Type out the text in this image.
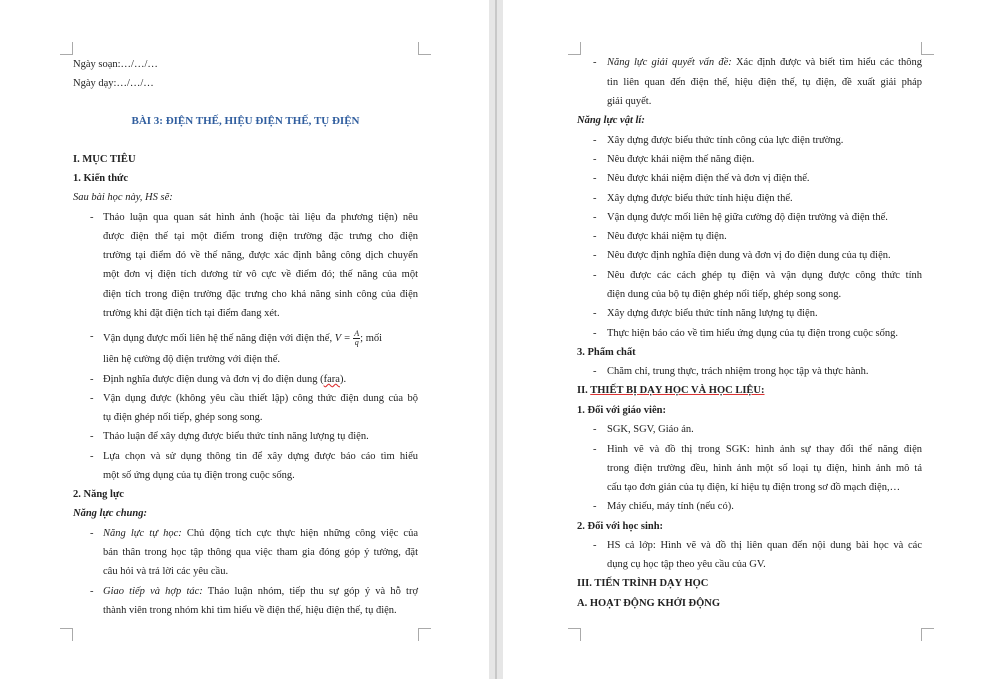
Ngày soạn:…/…/…
Ngày dạy:…/…/…
BÀI 3: ĐIỆN THẾ, HIỆU ĐIỆN THẾ, TỤ ĐIỆN
I. MỤC TIÊU
1. Kiến thức
Sau bài học này, HS sẽ:
- Thảo luận qua quan sát hình ảnh (hoặc tài liệu đa phương tiện) nêu
được điện thế tại một điểm trong điện trường đặc trưng cho điện
trường tại điểm đó về thế năng, được xác định bằng công dịch chuyển
một đơn vị điện tích dương từ vô cực về điểm đó; thế năng của một
điện tích trong điện trường đặc trưng cho khả năng sinh công của điện
trường khi đặt điện tích tại điểm đang xét.
- Vận dụng được mối liên hệ thế năng điện với điện thế, $V = \frac{A}{q}$ ; mối
liên hệ cường độ điện trường với điện thế.
- Định nghĩa được điện dung và đơn vị đo điện dung (fara).
- Vận dụng được (không yêu cầu thiết lập) công thức điện dung của bộ
tụ điện ghép nối tiếp, ghép song song.
- Thảo luận để xây dựng được biểu thức tính năng lượng tụ điện.
- Lựa chọn và sử dụng thông tin để xây dựng được báo cáo tìm hiểu
một số ứng dụng của tụ điện trong cuộc sống.
2. Năng lực
Năng lực chung:
- Năng lực tự học: Chủ động tích cực thực hiện những công việc của
bản thân trong học tập thông qua việc tham gia đóng góp ý tưởng, đặt
câu hỏi và trả lời các yêu cầu.
- Giao tiếp và hợp tác: Thảo luận nhóm, tiếp thu sự góp ý và hỗ trợ
thành viên trong nhóm khi tìm hiểu về điện thế, hiệu điện thế, tụ điện.
- Năng lực giải quyết vấn đề: Xác định được và biết tìm hiểu các thông
tin liên quan đến điện thế, hiệu điện thế, tụ điện, đề xuất giải pháp
giải quyết.
Năng lực vật lí:
- Xây dựng được biểu thức tính công của lực điện trường.
- Nêu được khái niệm thế năng điện.
- Nêu được khái niệm điện thế và đơn vị điện thế.
- Xây dựng được biểu thức tính hiệu điện thế.
- Vận dụng được mối liên hệ giữa cường độ điện trường và điện thế.
- Nêu được khái niệm tụ điện.
- Nêu được định nghĩa điện dung và đơn vị đo điện dung của tụ điện.
- Nêu được các cách ghép tụ điện và vận dụng được công thức tính
điện dung của bộ tụ điện ghép nối tiếp, ghép song song.
- Xây dựng được biểu thức tính năng lượng tụ điện.
- Thực hiện báo cáo về tìm hiểu ứng dụng của tụ điện trong cuộc sống.
3. Phẩm chất
- Chăm chỉ, trung thực, trách nhiệm trong học tập và thực hành.
II. THIẾT BỊ DẠY HỌC VÀ HỌC LIỆU:
1. Đối với giáo viên:
- SGK, SGV, Giáo án.
- Hình vẽ và đồ thị trong SGK: hình ảnh sự thay đổi thế năng điện
trong điện trường đều, hình ảnh một số loại tụ điện, hình ảnh mô tả
cấu tạo đơn giản của tụ điện, kí hiệu tụ điện trong sơ đồ mạch điện,…
- Máy chiếu, máy tính (nếu có).
2. Đối với học sinh:
- HS cả lớp: Hình vẽ và đồ thị liên quan đến nội dung bài học và các
dụng cụ học tập theo yêu cầu của GV.
III. TIẾN TRÌNH DẠY HỌC
A. HOẠT ĐỘNG KHỞI ĐỘNG
